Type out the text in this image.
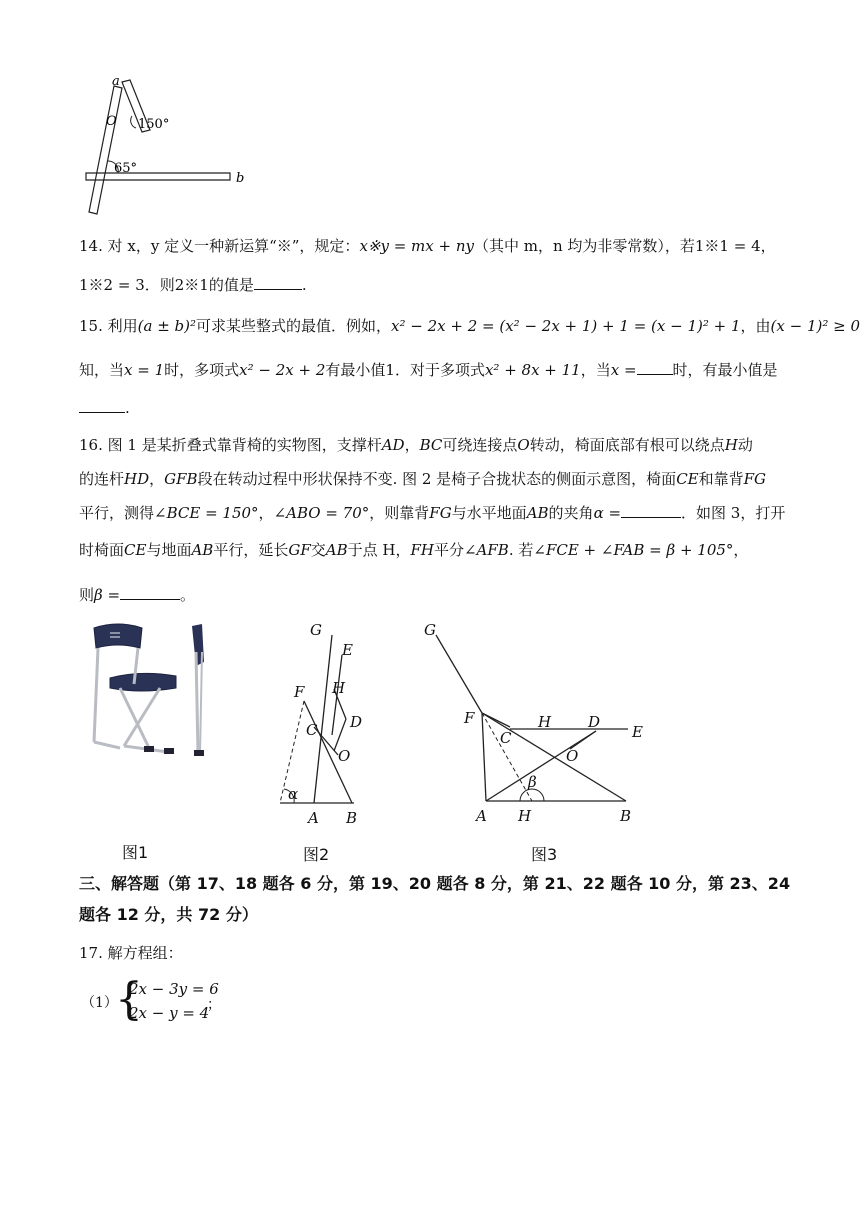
a
O 150°
65°
b
14. 对 x，y 定义一种新运算“※”，规定：x※y = mx + ny（其中 m，n 均为非零常数），若1※1 = 4，
1※2 = 3．则2※1的值是	.
15. 利用(a ± b)²可求某些整式的最值．例如，x² − 2x + 2 = (x² − 2x + 1) + 1 = (x − 1)² + 1，由(x − 1)² ≥ 0
知，当x = 1时，多项式x² − 2x + 2有最小值1．对于多项式x² + 8x + 11，当x = 时，有最小值是
.
16. 图 1 是某折叠式靠背椅的实物图，支撑杆AD，BC可绕连接点O转动，椅面底部有根可以绕点H动
的连杆HD，GFB段在转动过程中形状保持不变. 图 2 是椅子合拢状态的侧面示意图，椅面CE和靠背FG
平行，测得∠BCE = 150°，∠ABO = 70°，则靠背FG与水平地面AB的夹角α =	．如图 3，打开
时椅面CE与地面AB平行，延长GF交AB于点 H，FH平分∠AFB. 若∠FCE + ∠FAB = β + 105°，
则β =	。
G
E
F H
C D
O
α
A B
G
F	H D
E
C
O
β
A H	B
图1	图2	图3
三、解答题（第 17、18 题各 6 分，第 19、20 题各 8 分，第 21、22 题各 10 分，第 23、24
题各 12 分，共 72 分）
17. 解方程组：
（1）
{
2x − 3y = 6
2x − y = 4
；
